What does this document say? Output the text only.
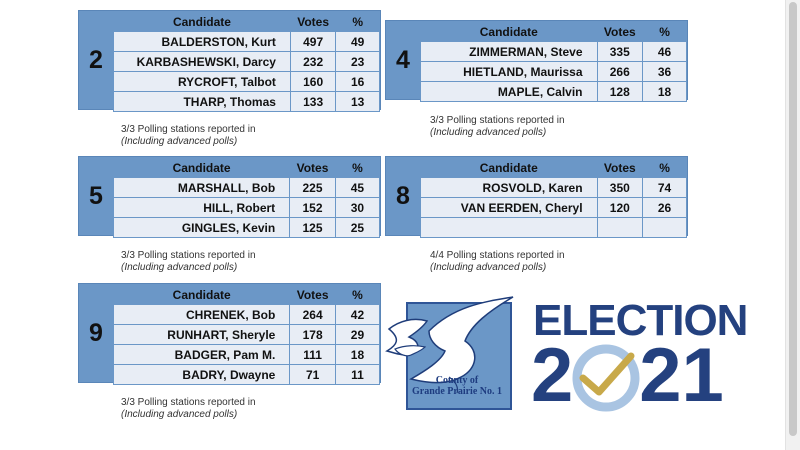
2
Candidate	Votes	%
BALDERSTON, Kurt	497	49
KARBASHEWSKI, Darcy	232	23
RYCROFT, Talbot	160	16
THARP, Thomas	133	13
3/3 Polling stations reported in
(Including advanced polls)
4
Candidate	Votes	%
ZIMMERMAN, Steve	335	46
HIETLAND, Maurissa	266	36
MAPLE, Calvin	128	18
3/3 Polling stations reported in
(Including advanced polls)
5
Candidate	Votes	%
MARSHALL, Bob	225	45
HILL, Robert	152	30
GINGLES, Kevin	125	25
3/3 Polling stations reported in
(Including advanced polls)
8
Candidate	Votes	%
ROSVOLD, Karen	350	74
VAN EERDEN, Cheryl	120	26

4/4 Polling stations reported in
(Including advanced polls)
9
Candidate	Votes	%
CHRENEK, Bob	264	42
RUNHART, Sheryle	178	29
BADGER, Pam M.	111	18
BADRY, Dwayne	71	11
3/3 Polling stations reported in
(Including advanced polls)
County of
Grande Prairie No. 1
ELECTION
2 21
